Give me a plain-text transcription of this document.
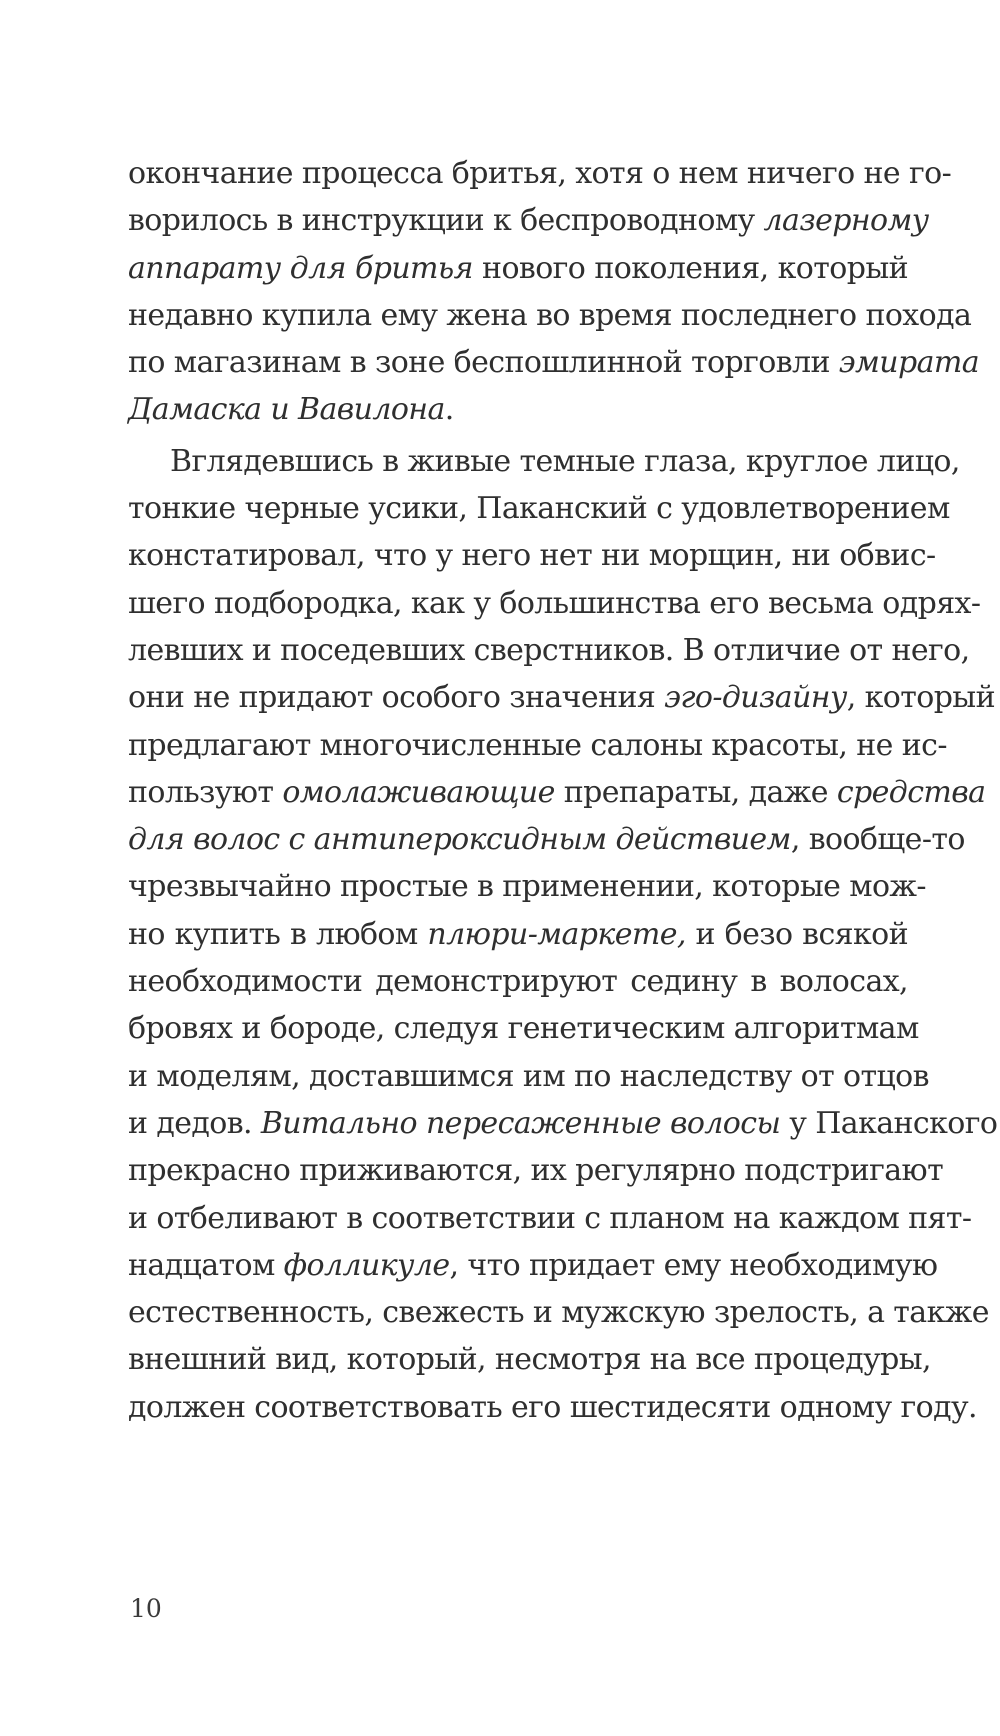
окончание процесса бритья, хотя о нем ничего не го-
ворилось в инструкции к беспроводному лазерному
аппарату для бритья нового поколения, который
недавно купила ему жена во время последнего похода
по магазинам в зоне беспошлинной торговли эмирата
Дамаска и Вавилона.
Вглядевшись в живые темные глаза, круглое лицо,
тонкие черные усики, Паканский с удовлетворением
констатировал, что у него нет ни морщин, ни обвис-
шего подбородка, как у большинства его весьма одрях-
левших и поседевших сверстников. В отличие от него,
они не придают особого значения эго-дизайну, который
предлагают многочисленные салоны красоты, не ис-
пользуют омолаживающие препараты, даже средства
для волос с антипероксидным действием, вообще-то
чрезвычайно простые в применении, которые мож-
но купить в любом плюри-маркете, и безо всякой
необходимости демонстрируют седину в волосах,
бровях и бороде, следуя генетическим алгоритмам
и моделям, доставшимся им по наследству от отцов
и дедов. Витально пересаженные волосы у Паканского
прекрасно приживаются, их регулярно подстригают
и отбеливают в соответствии с планом на каждом пят-
надцатом фолликуле, что придает ему необходимую
естественность, свежесть и мужскую зрелость, а также
внешний вид, который, несмотря на все процедуры,
должен соответствовать его шестидесяти одному году.
10
